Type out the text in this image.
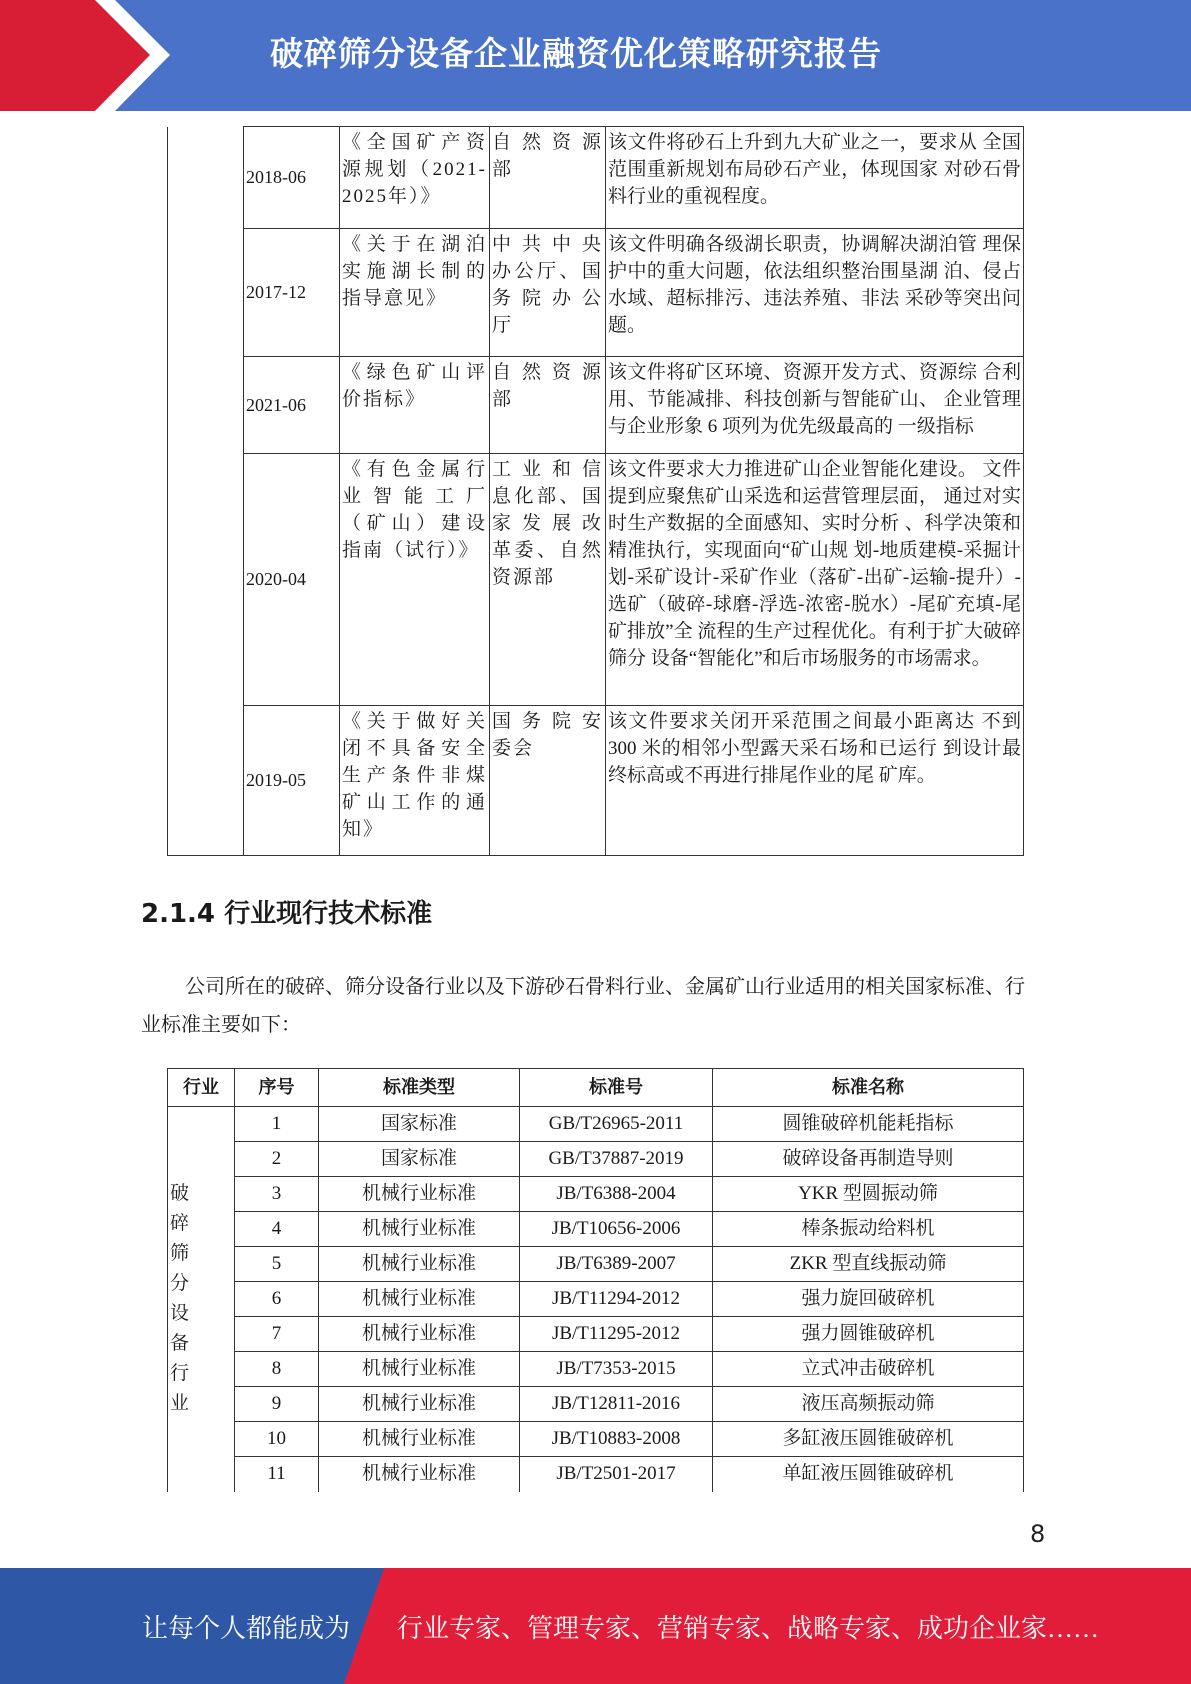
破碎筛分设备企业融资优化策略研究报告
	2018-06	《全国矿产资源规划（2021-2025年）》	自然资源 部	该文件将砂石上升到九大矿业之一，要求从 全国范围重新规划布局砂石产业，体现国家 对砂石骨料行业的重视程度。
	2017-12	《关于在湖泊实施湖长制的指导意见》	中共中央 办公厅、国 务院办公 厅	该文件明确各级湖长职责，协调解决湖泊管 理保护中的重大问题，依法组织整治围垦湖 泊、侵占水域、超标排污、违法养殖、非法 采砂等突出问题。
	2021-06	《绿色矿山评价指标》	自然资源 部	该文件将矿区环境、资源开发方式、资源综 合利用、节能减排、科技创新与智能矿山、 企业管理与企业形象 6 项列为优先级最高的 一级指标

	2020-04	《有色金属行业智能工厂（矿山）建设指南（试行）》	工业和信 息化部、国 家发展改 革委、自然 资源部	该文件要求大力推进矿山企业智能化建设。 文件提到应聚焦矿山采选和运营管理层面， 通过对实时生产数据的全面感知、实时分析 、科学决策和精准执行，实现面向“矿山规 划-地质建模-采掘计划-采矿设计-采矿作业（落矿-出矿-运输-提升）-选矿（破碎-球磨-浮选-浓密-脱水）-尾矿充填-尾矿排放”全 流程的生产过程优化。有利于扩大破碎筛分 设备“智能化”和后市场服务的市场需求。
	2019-05	《关于做好关闭不具备安全生产条件非煤矿山工作的通知》	国务院安 委会	该文件要求关闭开采范围之间最小距离达 不到 300 米的相邻小型露天采石场和已运行 到设计最终标高或不再进行排尾作业的尾 矿库。
2.1.4 行业现行技术标准

公司所在的破碎、筛分设备行业以及下游砂石骨料行业、金属矿山行业适用的相关国家标准、行业标准主要如下：

行业	序号	标准类型	标准号	标准名称
破碎筛分设备行业	1	国家标准	GB/T26965-2011	圆锥破碎机能耗指标
	2	国家标准	GB/T37887-2019	破碎设备再制造导则
	3	机械行业标准	JB/T6388-2004	YKR 型圆振动筛
	4	机械行业标准	JB/T10656-2006	棒条振动给料机
	5	机械行业标准	JB/T6389-2007	ZKR 型直线振动筛
	6	机械行业标准	JB/T11294-2012	强力旋回破碎机
	7	机械行业标准	JB/T11295-2012	强力圆锥破碎机
	8	机械行业标准	JB/T7353-2015	立式冲击破碎机
	9	机械行业标准	JB/T12811-2016	液压高频振动筛
	10	机械行业标准	JB/T10883-2008	多缸液压圆锥破碎机
	11	机械行业标准	JB/T2501-2017	单缸液压圆锥破碎机
8
让每个人都能成为 行业专家、管理专家、营销专家、战略专家、成功企业家……
